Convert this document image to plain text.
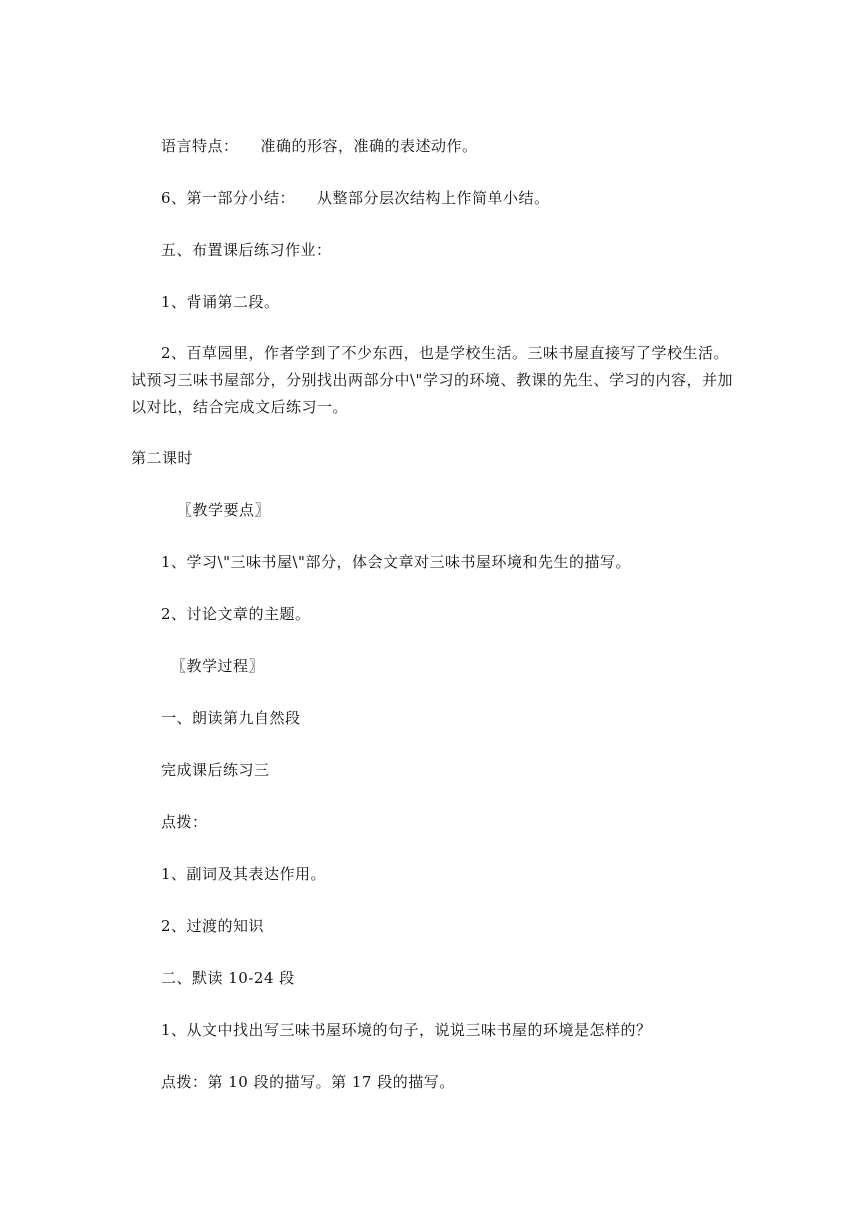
语言特点： 准确的形容，准确的表述动作。
6、第一部分小结： 从整部分层次结构上作简单小结。
五、布置课后练习作业：
1、背诵第二段。
2、百草园里，作者学到了不少东西，也是学校生活。三味书屋直接写了学校生活。试预习三味书屋部分，分别找出两部分中\"学习的环境、教课的先生、学习的内容，并加以对比，结合完成文后练习一。
第二课时
〖教学要点〗
1、学习\"三味书屋\"部分，体会文章对三味书屋环境和先生的描写。
2、讨论文章的主题。
〖教学过程〗
一、朗读第九自然段
完成课后练习三
点拨：
1、副词及其表达作用。
2、过渡的知识
二、默读 10-24 段
1、从文中找出写三味书屋环境的句子，说说三味书屋的环境是怎样的？
点拨：第 10 段的描写。第 17 段的描写。
